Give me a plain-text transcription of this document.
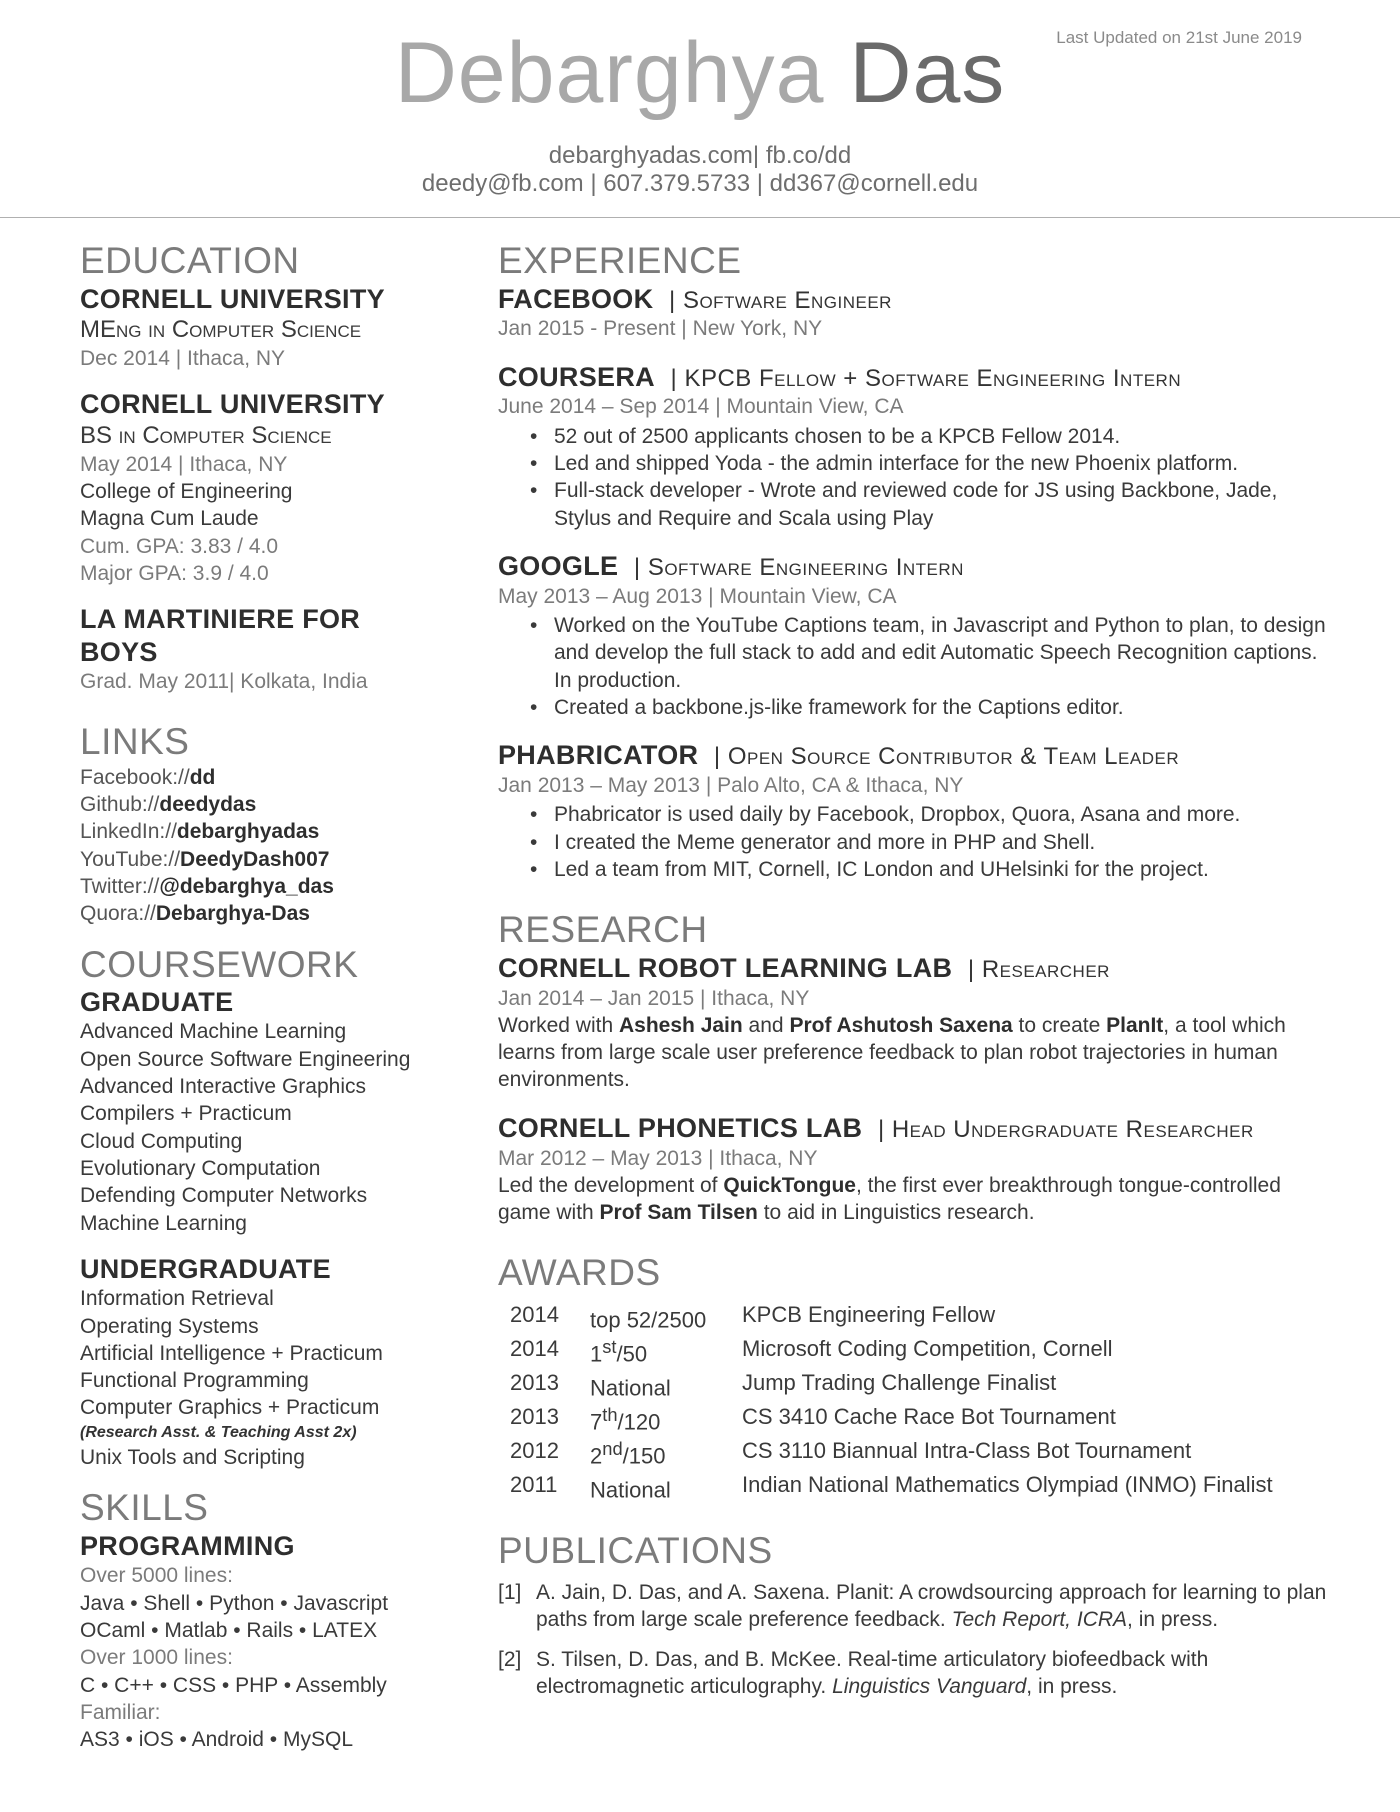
Last Updated on 21st June 2019
Debarghya Das
debarghyadas.com| fb.co/dd
deedy@fb.com | 607.379.5733 | dd367@cornell.edu
EDUCATION
CORNELL UNIVERSITY
MEng in Computer Science
Dec 2014 | Ithaca, NY
CORNELL UNIVERSITY
BS in Computer Science
May 2014 | Ithaca, NY
College of Engineering
Magna Cum Laude
Cum. GPA: 3.83 / 4.0
Major GPA: 3.9 / 4.0
LA MARTINIERE FOR BOYS
Grad. May 2011| Kolkata, India
LINKS
Facebook://dd
Github://deedydas
LinkedIn://debarghyadas
YouTube://DeedyDash007
Twitter://@debarghya_das
Quora://Debarghya-Das
COURSEWORK
GRADUATE
Advanced Machine Learning
Open Source Software Engineering
Advanced Interactive Graphics
Compilers + Practicum
Cloud Computing
Evolutionary Computation
Defending Computer Networks
Machine Learning
UNDERGRADUATE
Information Retrieval
Operating Systems
Artificial Intelligence + Practicum
Functional Programming
Computer Graphics + Practicum
(Research Asst. & Teaching Asst 2x)
Unix Tools and Scripting
SKILLS
PROGRAMMING
Over 5000 lines:
Java • Shell • Python • Javascript
OCaml • Matlab • Rails • LATEX
Over 1000 lines:
C • C++ • CSS • PHP • Assembly
Familiar:
AS3 • iOS • Android • MySQL
EXPERIENCE
FACEBOOK | Software Engineer
Jan 2015 - Present | New York, NY
COURSERA | KPCB Fellow + Software Engineering Intern
June 2014 – Sep 2014 | Mountain View, CA
• 52 out of 2500 applicants chosen to be a KPCB Fellow 2014.
• Led and shipped Yoda - the admin interface for the new Phoenix platform.
• Full-stack developer - Wrote and reviewed code for JS using Backbone, Jade, Stylus and Require and Scala using Play
GOOGLE | Software Engineering Intern
May 2013 – Aug 2013 | Mountain View, CA
• Worked on the YouTube Captions team, in Javascript and Python to plan, to design and develop the full stack to add and edit Automatic Speech Recognition captions. In production.
• Created a backbone.js-like framework for the Captions editor.
PHABRICATOR | Open Source Contributor & Team Leader
Jan 2013 – May 2013 | Palo Alto, CA & Ithaca, NY
• Phabricator is used daily by Facebook, Dropbox, Quora, Asana and more.
• I created the Meme generator and more in PHP and Shell.
• Led a team from MIT, Cornell, IC London and UHelsinki for the project.
RESEARCH
CORNELL ROBOT LEARNING LAB | Researcher
Jan 2014 – Jan 2015 | Ithaca, NY
Worked with Ashesh Jain and Prof Ashutosh Saxena to create PlanIt, a tool which learns from large scale user preference feedback to plan robot trajectories in human environments.
CORNELL PHONETICS LAB | Head Undergraduate Researcher
Mar 2012 – May 2013 | Ithaca, NY
Led the development of QuickTongue, the first ever breakthrough tongue-controlled game with Prof Sam Tilsen to aid in Linguistics research.
AWARDS
2014	top 52/2500	KPCB Engineering Fellow
2014	1st/50	Microsoft Coding Competition, Cornell
2013	National	Jump Trading Challenge Finalist
2013	7th/120	CS 3410 Cache Race Bot Tournament
2012	2nd/150	CS 3110 Biannual Intra-Class Bot Tournament
2011	National	Indian National Mathematics Olympiad (INMO) Finalist
PUBLICATIONS
[1] A. Jain, D. Das, and A. Saxena. Planit: A crowdsourcing approach for learning to plan paths from large scale preference feedback. Tech Report, ICRA, in press.
[2] S. Tilsen, D. Das, and B. McKee. Real-time articulatory biofeedback with electromagnetic articulography. Linguistics Vanguard, in press.
